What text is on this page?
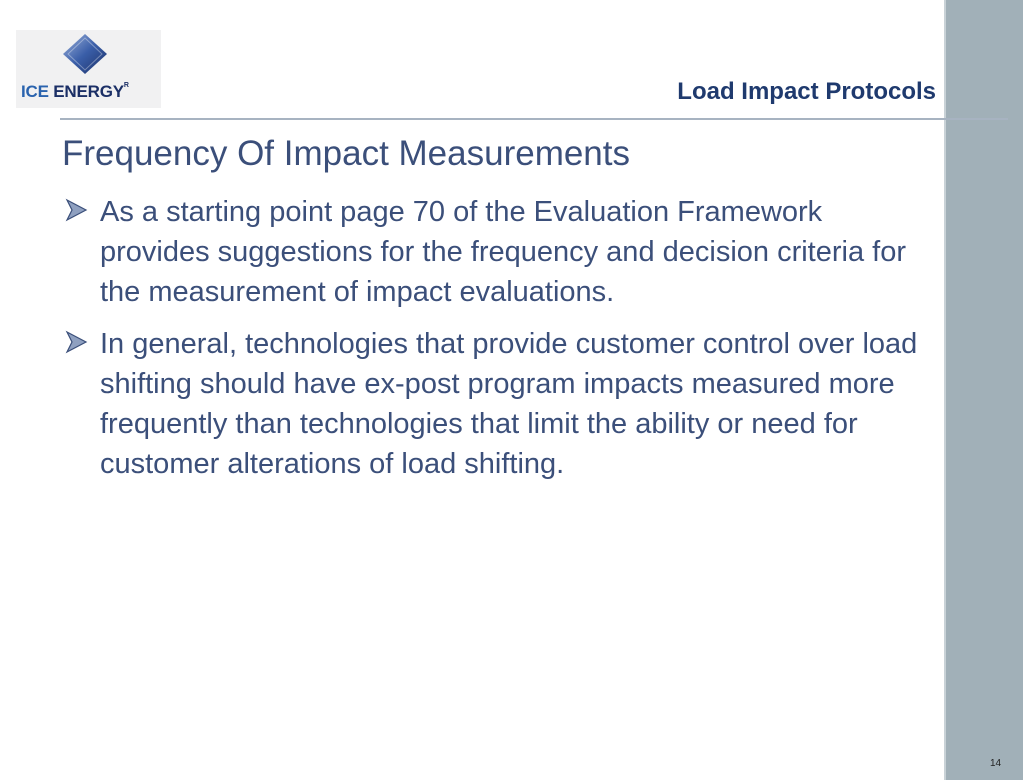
ICE $ENERGY^R$	Load Impact Protocols
Frequency Of Impact Measurements
As a starting point page 70 of the Evaluation Framework provides suggestions for the frequency and decision criteria for the measurement of impact evaluations.
In general, technologies that provide customer control over load shifting should have ex-post program impacts measured more frequently than technologies that limit the ability or need for customer alterations of load shifting.
14
